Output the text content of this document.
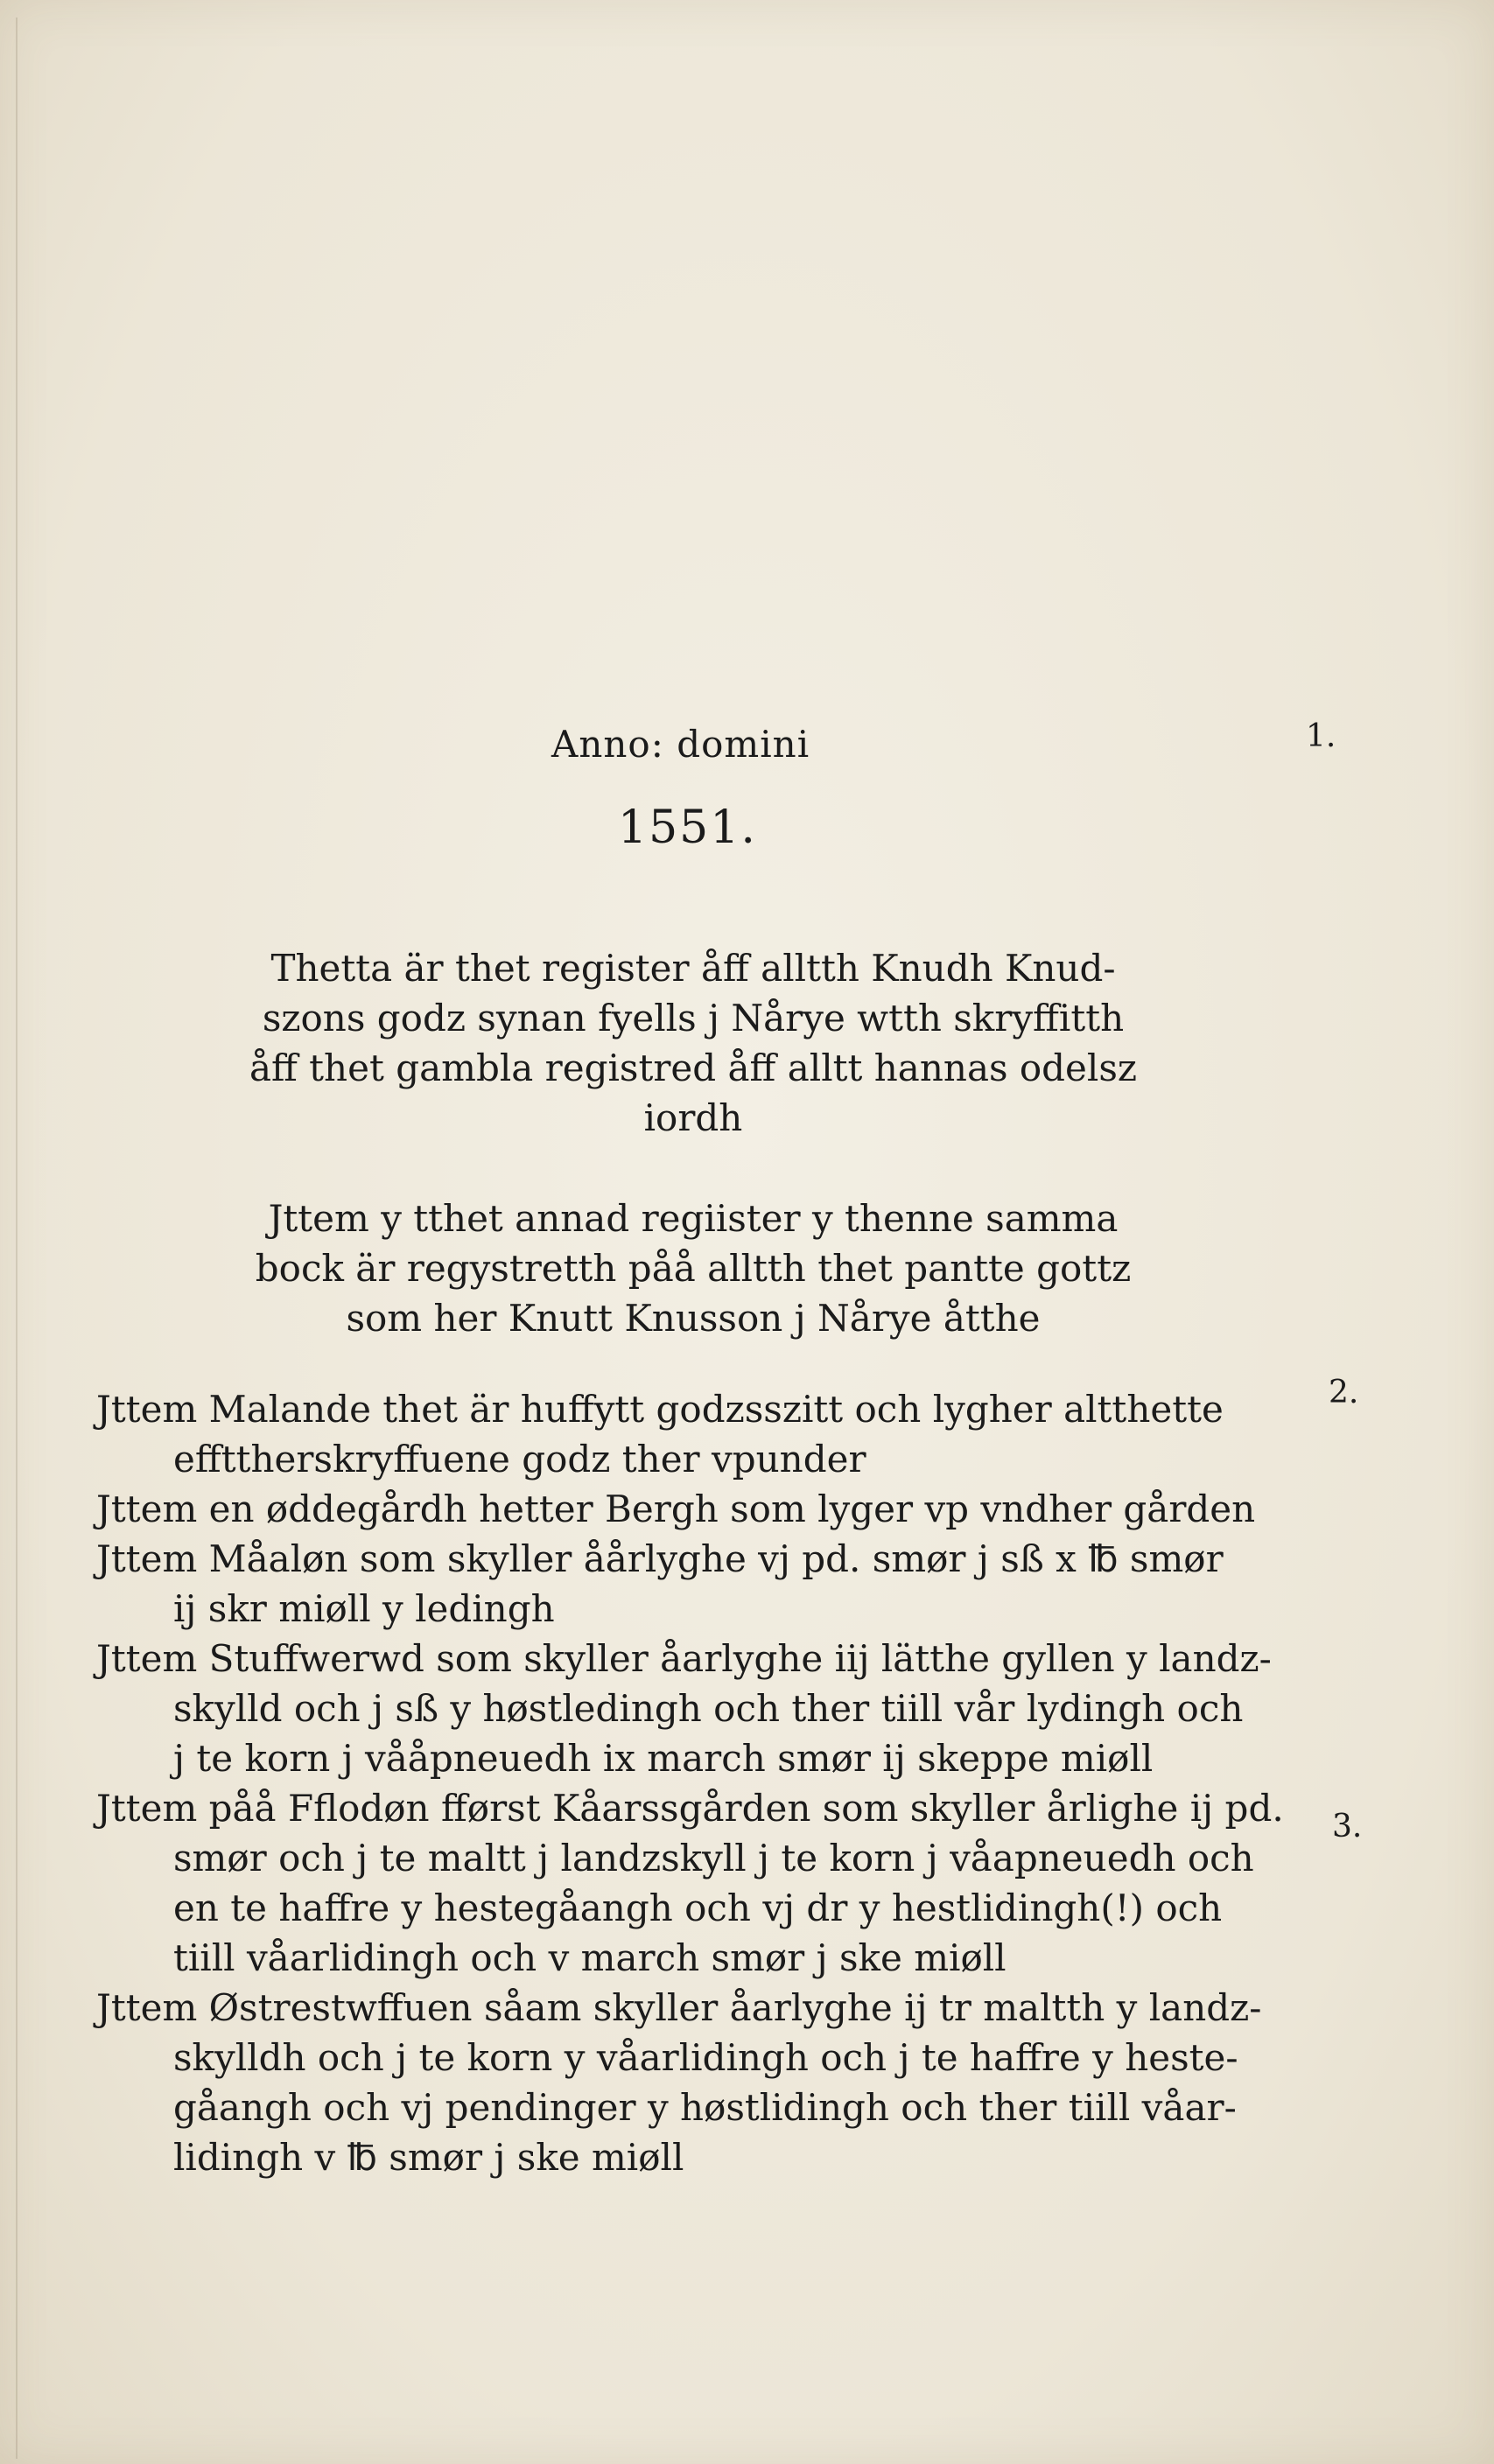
Anno: domini	1.
1551.
Thetta är thet register åff alltth Knudh Knud-
szons godz synan fyells j Nårye wtth skryffitth
åff thet gambla registred åff alltt hannas odelsz
iordh
Jttem y tthet annad regiister y thenne samma
bock är regystretth påå alltth thet pantte gottz
som her Knutt Knusson j Nårye åtthe
2.
3.
Jttem Malande thet är huffytt godzsszitt och lygher altthette
effttherskryffuene godz ther vpunder
Jttem en øddegårdh hetter Bergh som lyger vp vndher gården
Jttem Måaløn som skyller åårlyghe vj pd. smør j sß x ℔ smør
ij skr miøll y ledingh
Jttem Stuffwerwd som skyller åarlyghe iij lätthe gyllen y landz-
skylld och j sß y høstledingh och ther tiill vår lydingh och
j te korn j vååpneuedh ix march smør ij skeppe miøll
Jttem påå Fflodøn fførst Kåarssgården som skyller årlighe ij pd.
smør och j te maltt j landzskyll j te korn j våapneuedh och
en te haffre y hestegåangh och vj dr y hestlidingh(!) och
tiill våarlidingh och v march smør j ske miøll
Jttem Østrestwffuen såam skyller åarlyghe ij tr maltth y landz-
skylldh och j te korn y våarlidingh och j te haffre y heste-
gåangh och vj pendinger y høstlidingh och ther tiill våar-
lidingh v ℔ smør j ske miøll
